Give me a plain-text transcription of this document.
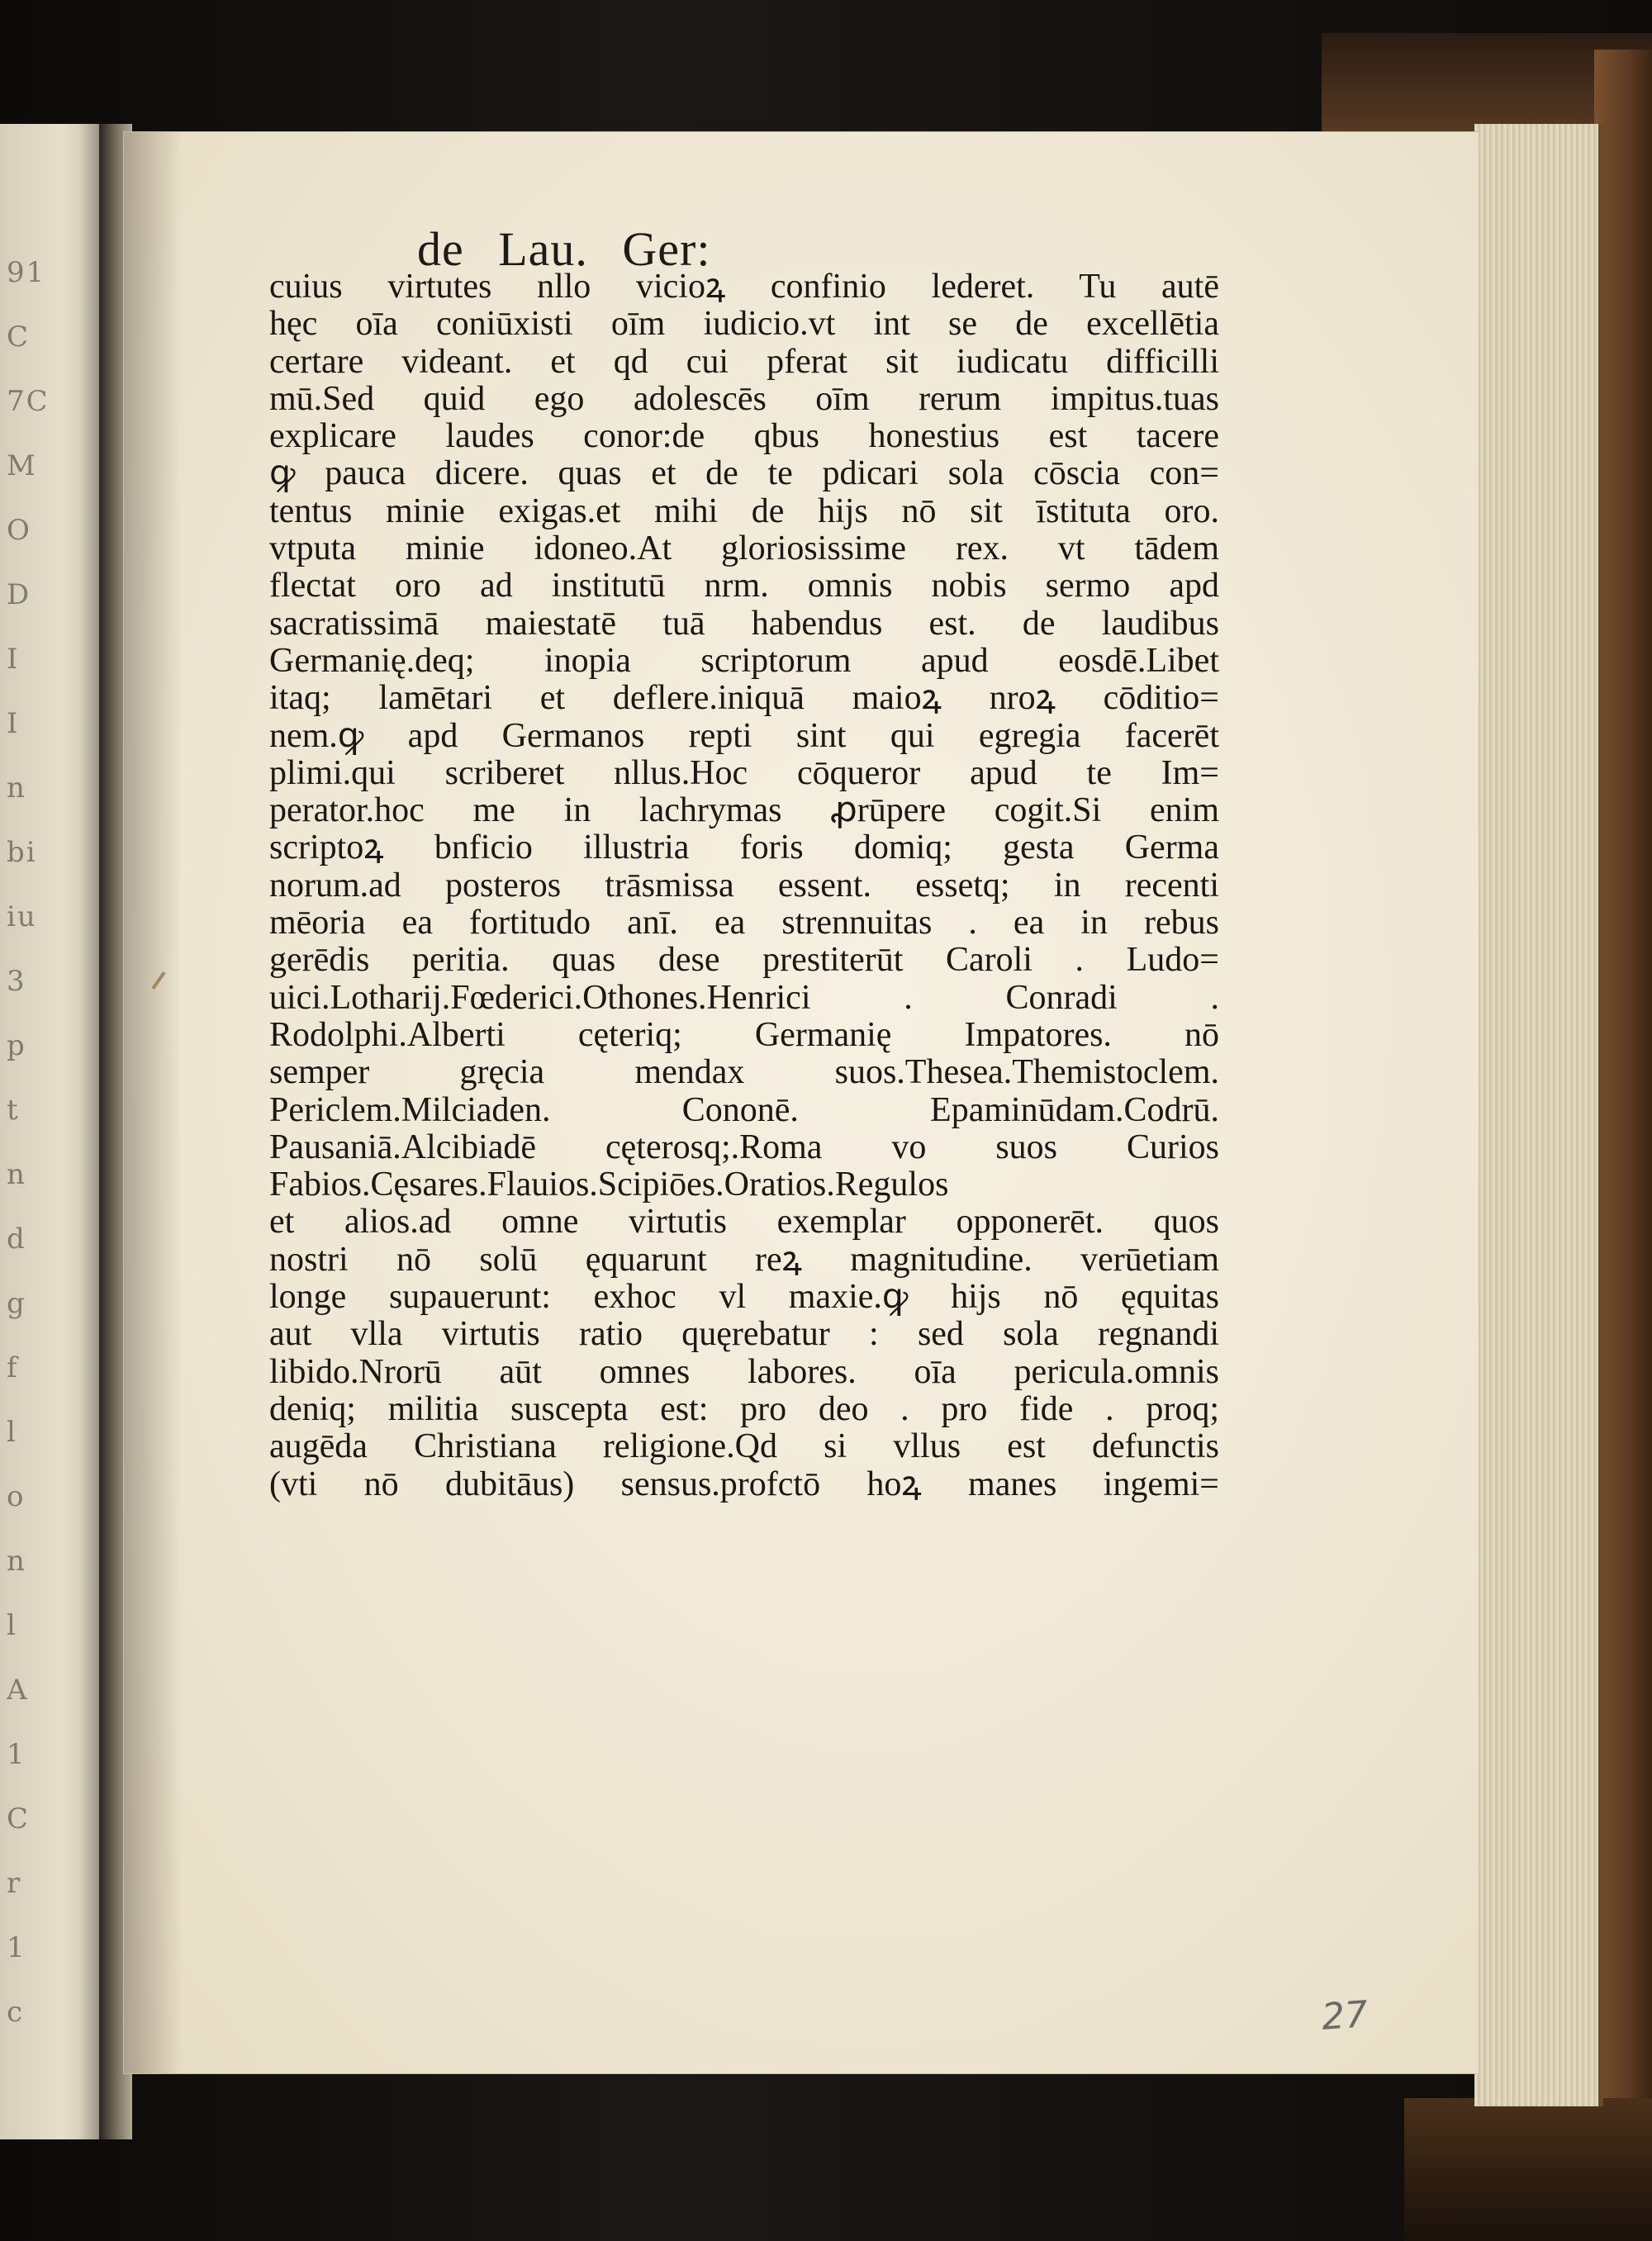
91
C
7C
M
O
D
I
I
n
bi
iu
3
p
t
n
d
g
f
l
o
n
l
A
1
C
r
1
c
de Lau. Ger:
cuius virtutes nllo vicioꝝ confinio lederet. Tu autē
hęc oīa coniūxisti oīm iudicio.vt int se de excellētia
certare videant. et qd cui pferat sit iudicatu difficilli
mū.Sed quid ego adolescēs oīm rerum impitus.tuas
explicare laudes conor:de qbus honestius est tacere
ꝙ pauca dicere. quas et de te pdicari sola cōscia con=
tentus minie exigas.et mihi de hijs nō sit īstituta oro.
vtputa minie idoneo.At gloriosissime rex. vt tādem
flectat oro ad institutū nrm. omnis nobis sermo apd
sacratissimā maiestatē tuā habendus est. de laudibus
Germanię.deq; inopia scriptorum apud eosdē.Libet
itaq; lamētari et deflere.iniquā maioꝝ nroꝝ cōditio=
nem.ꝙ apd Germanos repti sint qui egregia facerēt
plimi.qui scriberet nllus.Hoc cōqueror apud te Im=
perator.hoc me in lachrymas ꝓrūpere cogit.Si enim
scriptoꝝ bnficio illustria foris domiq; gesta Germa
norum.ad posteros trāsmissa essent. essetq; in recenti
mēoria ea fortitudo anī. ea strennuitas . ea in rebus
gerēdis peritia. quas dese prestiterūt Caroli . Ludo=
uici.Lotharij.Fœderici.Othones.Henrici . Conradi .
Rodolphi.Alberti cęteriq; Germanię Impatores. nō
semper gręcia mendax suos.Thesea.Themistoclem.
Periclem.Milciaden. Cononē. Epaminūdam.Codrū.
Pausaniā.Alcibiadē cęterosq;.Roma vo suos Curios
Fabios.Cęsares.Flauios.Scipiōes.Oratios.Regulos
et alios.ad omne virtutis exemplar opponerēt. quos
nostri nō solū ęquarunt reꝝ magnitudine. verūetiam
longe supauerunt: exhoc vl maxie.ꝙ hijs nō ęquitas
aut vlla virtutis ratio quęrebatur : sed sola regnandi
libido.Nrorū aūt omnes labores. oīa pericula.omnis
deniq; militia suscepta est: pro deo . pro fide . proq;
augēda Christiana religione.Qd si vllus est defunctis
(vti nō dubitāus) sensus.profctō hoꝝ manes ingemi=
27
